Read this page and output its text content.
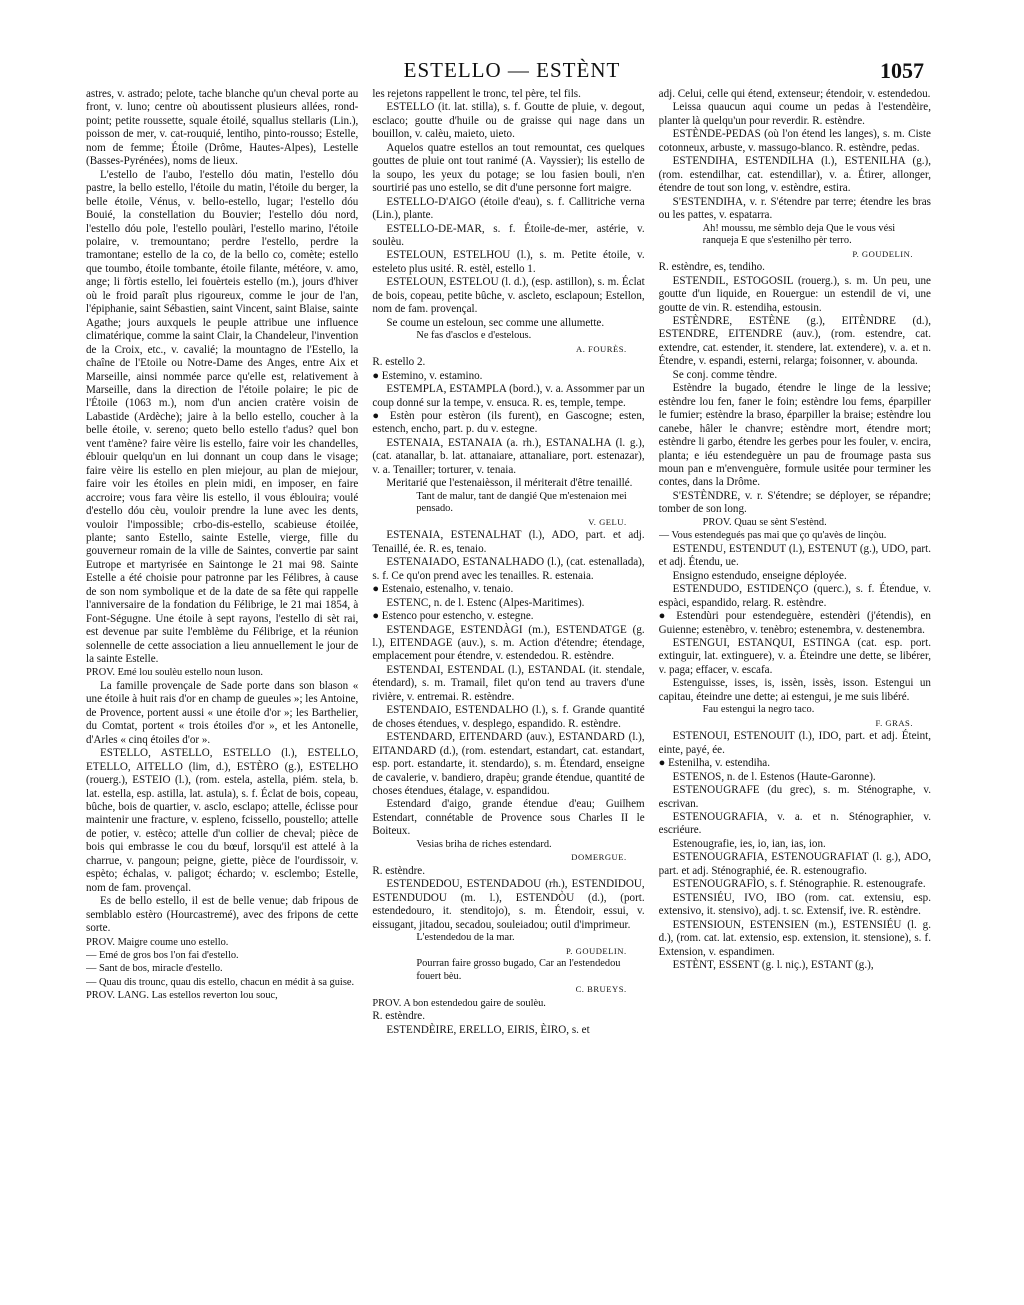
ESTELLO — ESTÈNT	1057

astres, v. astrado; pelote, tache blanche qu'un cheval porte au front, v. luno; centre où aboutissent plusieurs allées, rond-point; petite roussette, squale étoilé, squallus stellaris (Lin.), poisson de mer, v. cat-rouquié, lentiho, pinto-rousso; Estelle, nom de femme; Étoile (Drôme, Hautes-Alpes), Lestelle (Basses-Pyrénées), noms de lieux.

L'estello de l'aubo, l'estello dóu matin, l'estello dóu pastre, la bello estello, l'étoile du matin, l'étoile du berger, la belle étoile, Vénus, v. bello-estello, lugar; l'estello dóu Bouié, la constellation du Bouvier; l'estello dóu nord, l'estello dóu pole, l'estello poulàri, l'estello marino, l'étoile polaire, v. tremountano; perdre l'estello, perdre la tramontane; estello de la co, de la bello co, comète; estello que toumbo, étoile tombante, étoile filante, météore, v. amo, ange; li fòrtis estello, lei fouèrteis estello (m.), jours d'hiver où le froid paraît plus rigoureux, comme le jour de l'an, l'épiphanie, saint Sébastien, saint Vincent, saint Blaise, sainte Agathe; jours auxquels le peuple attribue une influence climatérique, comme la saint Clair, la Chandeleur, l'invention de la Croix, etc., v. cavalié; la mountagno de l'Estello, la chaîne de l'Etoile ou Notre-Dame des Anges, entre Aix et Marseille, ainsi nommée parce qu'elle est, relativement à Marseille, dans la direction de l'étoile polaire; le pic de l'Étoile (1063 m.), nom d'un ancien cratère voisin de Labastide (Ardèche); jaire à la bello estello, coucher à la belle étoile, v. sereno; queto bello estello t'adus? quel bon vent t'amène? faire vèire lis estello, faire voir les chandelles, éblouir quelqu'un en lui donnant un coup dans le visage; faire vèire lis estello en plen miejour, au plan de miejour, faire voir les étoiles en plein midi, en imposer, en faire accroire; vous fara vèire lis estello, il vous éblouira; voulé d'estello dóu cèu, vouloir prendre la lune avec les dents, vouloir l'impossible; crbo-dis-estello, scabieuse étoilée, plante; santo Estello, sainte Estelle, vierge, fille du gouverneur romain de la ville de Saintes, convertie par saint Eutrope et martyrisée en Saintonge le 21 mai 98. Sainte Estelle a été choisie pour patronne par les Félibres, à cause de son nom symbolique et de la date de sa fête qui rappelle l'anniversaire de la fondation du Félibrige, le 21 mai 1854, à Font-Ségugne. Une étoile à sept rayons, l'estello di sèt rai, est devenue par suite l'emblème du Félibrige, et la réunion solennelle de cette association a lieu annuellement le jour de la sainte Estelle.

PROV. Emé lou soulèu estello noun luson.

La famille provençale de Sade porte dans son blason « une étoile à huit rais d'or en champ de gueules »; les Antoine, de Provence, portent aussi « une étoile d'or »; les Barthelier, du Comtat, portent « trois étoiles d'or », et les Antonelle, d'Arles « cinq étoiles d'or ».

ESTELLO, ASTELLO, ESTELLO (l.), ESTELLO, ETELLO, AITELLO (lim, d.), ESTÈRO (g.), ESTELHO (rouerg.), ESTEIO (l.), (rom. estela, astella, piém. stela, b. lat. estella, esp. astilla, lat. astula), s. f. Éclat de bois, copeau, bûche, bois de quartier, v. asclo, esclapo; attelle, éclisse pour maintenir une fracture, v. espleno, fcissello, poustello; attelle de potier, v. estèco; attelle d'un collier de cheval; pièce de bois qui embrasse le cou du bœuf, lorsqu'il est attelé à la charrue, v. pangoun; peigne, giette, pièce de l'ourdissoir, v. espèto; échalas, v. paligot; échardo; v. esclembo; Estelle, nom de fam. provençal.

Es de bello estello, il est de belle venue; dab fripous de semblablo estèro (Hourcastremé), avec des fripons de cette sorte.

PROV. Maigre coume uno estello.

— Emé de gros bos l'on fai d'estello.

— Sant de bos, miracle d'estello.

— Quau dis trounc, quau dis estello, chacun en médit à sa guise.

PROV. LANG. Las estellos reverton lou souc,

les rejetons rappellent le tronc, tel père, tel fils.

ESTELLO (it. lat. stilla), s. f. Goutte de pluie, v. degout, esclaco; goutte d'huile ou de graisse qui nage dans un bouillon, v. calèu, maieto, uieto.

Aquelos quatre estellos an tout remountat, ces quelques gouttes de pluie ont tout ranimé (A. Vayssier); lis estello de la soupo, les yeux du potage; se lou fasien bouli, n'en sourtirié pas uno estello, se dit d'une personne fort maigre.

ESTELLO-D'AIGO (étoile d'eau), s. f. Callitriche verna (Lin.), plante.

ESTELLO-DE-MAR, s. f. Étoile-de-mer, astérie, v. soulèu.

ESTELOUN, ESTELHOU (l.), s. m. Petite étoile, v. esteleto plus usité. R. estèl, estello 1.

ESTELOUN, ESTELOU (l. d.), (esp. astillon), s. m. Éclat de bois, copeau, petite bûche, v. ascleto, esclapoun; Estellon, nom de fam. provençal.

Se coume un esteloun, sec comme une allumette.

Ne fas d'asclos e d'estelous.

A. FOURÈS.

R. estello 2.

● Estemino, v. estamino.

ESTEMPLA, ESTAMPLA (bord.), v. a. Assommer par un coup donné sur la tempe, v. ensuca. R. es, temple, tempe.

● Estèn pour estèron (ils furent), en Gascogne; esten, estench, encho, part. p. du v. estegne.

ESTENAIA, ESTANAIA (a. rh.), ESTANALHA (l. g.), (cat. atanallar, b. lat. attanaiare, attanaliare, port. estenazar), v. a. Tenailler; torturer, v. tenaia.

Meritarié que l'estenaièsson, il mériterait d'être tenaillé.

Tant de malur, tant de dangié Que m'estenaion mei pensado.

V. GELU.

ESTENAIA, ESTENALHAT (l.), ADO, part. et adj. Tenaillé, ée. R. es, tenaio.

ESTENAIADO, ESTANALHADO (l.), (cat. estenallada), s. f. Ce qu'on prend avec les tenailles. R. estenaia.

● Estenaio, estenalho, v. tenaio.

ESTENC, n. de l. Estenc (Alpes-Maritimes).

● Estenco pour estencho, v. estegne.

ESTENDAGE, ESTENDÀGI (m.), ESTENDATGE (g. l.), EITENDAGE (auv.), s. m. Action d'étendre; étendage, emplacement pour étendre, v. estendedou. R. estèndre.

ESTENDAI, ESTENDAL (l.), ESTANDAL (it. stendale, étendard), s. m. Tramail, filet qu'on tend au travers d'une rivière, v. entremai. R. estèndre.

ESTENDAIO, ESTENDALHO (l.), s. f. Grande quantité de choses étendues, v. desplego, espandido. R. estèndre.

ESTENDARD, EITENDARD (auv.), ESTANDARD (l.), EITANDARD (d.), (rom. estendart, estandart, cat. estandart, esp. port. estandarte, it. stendardo), s. m. Étendard, enseigne de cavalerie, v. bandiero, drapèu; grande étendue, quantité de choses étendues, étalage, v. espandidou.

Estendard d'aigo, grande étendue d'eau; Guilhem Estendart, connétable de Provence sous Charles II le Boiteux.

Vesias briha de riches estendard.

DOMERGUE.

R. estèndre.

ESTENDEDOU, ESTENDADOU (rh.), ESTENDIDOU, ESTENDUDOU (m. l.), ESTENDÒU (d.), (port. estendedouro, it. stenditojo), s. m. Étendoir, essui, v. eissugant, jitadou, secadou, souleiadou; outil d'imprimeur.

L'estendedou de la mar.

P. GOUDELIN.

Pourran faire grosso bugado, Car an l'estendedou fouert bèu.

C. BRUEYS.

PROV. A bon estendedou gaire de soulèu.

R. estèndre.

ESTENDÈIRE, ERELLO, EIRIS, ÈIRO, s. et

adj. Celui, celle qui étend, extenseur; étendoir, v. estendedou.

Leissa quaucun aqui coume un pedas à l'estendèire, planter là quelqu'un pour reverdir. R. estèndre.

ESTÈNDE-PEDAS (où l'on étend les langes), s. m. Ciste cotonneux, arbuste, v. massugo-blanco. R. estèndre, pedas.

ESTENDIHA, ESTENDILHA (l.), ESTENILHA (g.), (rom. estendilhar, cat. estendillar), v. a. Étirer, allonger, étendre de tout son long, v. estèndre, estira.

S'ESTENDIHA, v. r. S'étendre par terre; étendre les bras ou les pattes, v. espatarra.

Ah! moussu, me sèmblo deja Que le vous vési ranqueja E que s'estenilho pèr terro.

P. GOUDELIN.

R. estèndre, es, tendiho.

ESTENDIL, ESTOGOSIL (rouerg.), s. m. Un peu, une goutte d'un liquide, en Rouergue: un estendil de vi, une goutte de vin. R. estendiha, estousin.

ESTÈNDRE, ESTÈNE (g.), EITÈNDRE (d.), ESTENDRE, EITENDRE (auv.), (rom. estendre, cat. extendre, cat. estender, it. stendere, lat. extendere), v. a. et n. Étendre, v. espandi, esterni, relarga; foisonner, v. abounda.

Se conj. comme tèndre.

Estèndre la bugado, étendre le linge de la lessive; estèndre lou fen, faner le foin; estèndre lou fems, éparpiller le fumier; estèndre la braso, éparpiller la braise; estèndre lou canebe, hâler le chanvre; estèndre mort, étendre mort; estèndre li garbo, étendre les gerbes pour les fouler, v. encira, planta; e iéu estendeguère un pau de froumage pasta sus moun pan e m'envenguère, formule usitée pour terminer les contes, dans la Drôme.

S'ESTÈNDRE, v. r. S'étendre; se déployer, se répandre; tomber de son long.

PROV. Quau se sènt S'estènd.

— Vous estendegués pas mai que ço qu'avès de linçòu.

ESTENDU, ESTENDUT (l.), ESTENUT (g.), UDO, part. et adj. Étendu, ue.

Ensigno estendudo, enseigne déployée.

ESTENDUDO, ESTIDENÇO (querc.), s. f. Étendue, v. espàci, espandido, relarg. R. estèndre.

● Estendùri pour estendeguère, estendèri (j'étendis), en Guienne; estenèbro, v. tenèbro; estenembra, v. destenembra.

ESTENGUI, ESTANQUI, ESTINGA (cat. esp. port. extinguir, lat. extinguere), v. a. Éteindre une dette, se libérer, v. paga; effacer, v. escafa.

Estenguisse, isses, is, issèn, issès, isson. Estengui un capitau, éteindre une dette; ai estengui, je me suis libéré.

Fau estengui la negro taco.

F. GRAS.

ESTENOUI, ESTENOUIT (l.), IDO, part. et adj. Éteint, einte, payé, ée.

● Estenilha, v. estendiha.

ESTENOS, n. de l. Estenos (Haute-Garonne).

ESTENOUGRAFE (du grec), s. m. Sténographe, v. escrivan.

ESTENOUGRAFIA, v. a. et n. Sténographier, v. escriéure.

Estenougrafie, ies, io, ian, ias, ion.

ESTENOUGRAFIA, ESTENOUGRAFIAT (l. g.), ADO, part. et adj. Sténographié, ée. R. estenougrafio.

ESTENOUGRAFÌO, s. f. Sténographie. R. estenougrafe.

ESTENSIÉU, IVO, IBO (rom. cat. extensiu, esp. extensivo, it. stensivo), adj. t. sc. Extensif, ive. R. estèndre.

ESTENSIOUN, ESTENSIEN (m.), ESTENSIÉU (l. g. d.), (rom. cat. lat. extensio, esp. extension, it. stensione), s. f. Extension, v. espandimen.

ESTÈNT, ESSENT (g. l. niç.), ESTANT (g.),
